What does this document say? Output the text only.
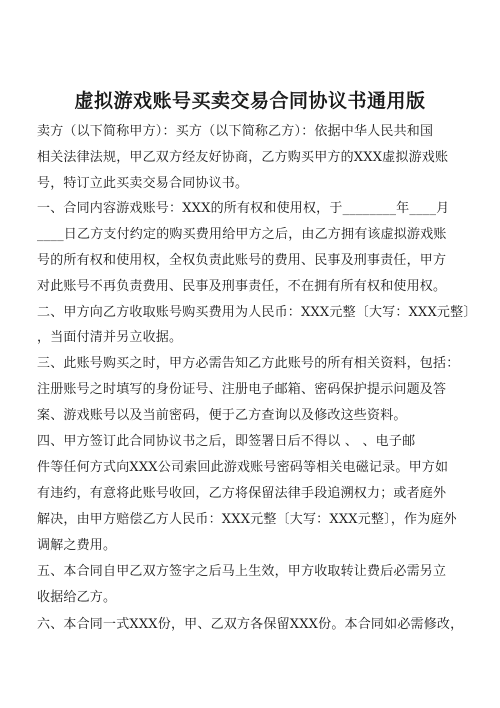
虚拟游戏账号买卖交易合同协议书通用版
卖方（以下简称甲方）：买方（以下简称乙方）：依据中华人民共和国
相关法律法规，甲乙双方经友好协商，乙方购买甲方的XXX虚拟游戏账
号，特订立此买卖交易合同协议书。
一、合同内容游戏账号：XXX的所有权和使用权，于________年____月
____日乙方支付约定的购买费用给甲方之后，由乙方拥有该虚拟游戏账
号的所有权和使用权，全权负责此账号的费用、民事及刑事责任，甲方
对此账号不再负责费用、民事及刑事责任，不在拥有所有权和使用权。
二、甲方向乙方收取账号购买费用为人民币：XXX元整〔大写：XXX元整〕
，当面付清并另立收据。
三、此账号购买之时，甲方必需告知乙方此账号的所有相关资料，包括：
注册账号之时填写的身份证号、注册电子邮箱、密码保护提示问题及答
案、游戏账号以及当前密码，便于乙方查询以及修改这些资料。
四、甲方签订此合同协议书之后，即签署日后不得以 、 、电子邮
件等任何方式向XXX公司索回此游戏账号密码等相关电磁记录。甲方如
有违约，有意将此账号收回，乙方将保留法律手段追溯权力；或者庭外
解决，由甲方赔偿乙方人民币：XXX元整〔大写：XXX元整〕，作为庭外
调解之费用。
五、本合同自甲乙双方签字之后马上生效，甲方收取转让费后必需另立
收据给乙方。
六、本合同一式XXX份，甲、乙双方各保留XXX份。本合同如必需修改，
